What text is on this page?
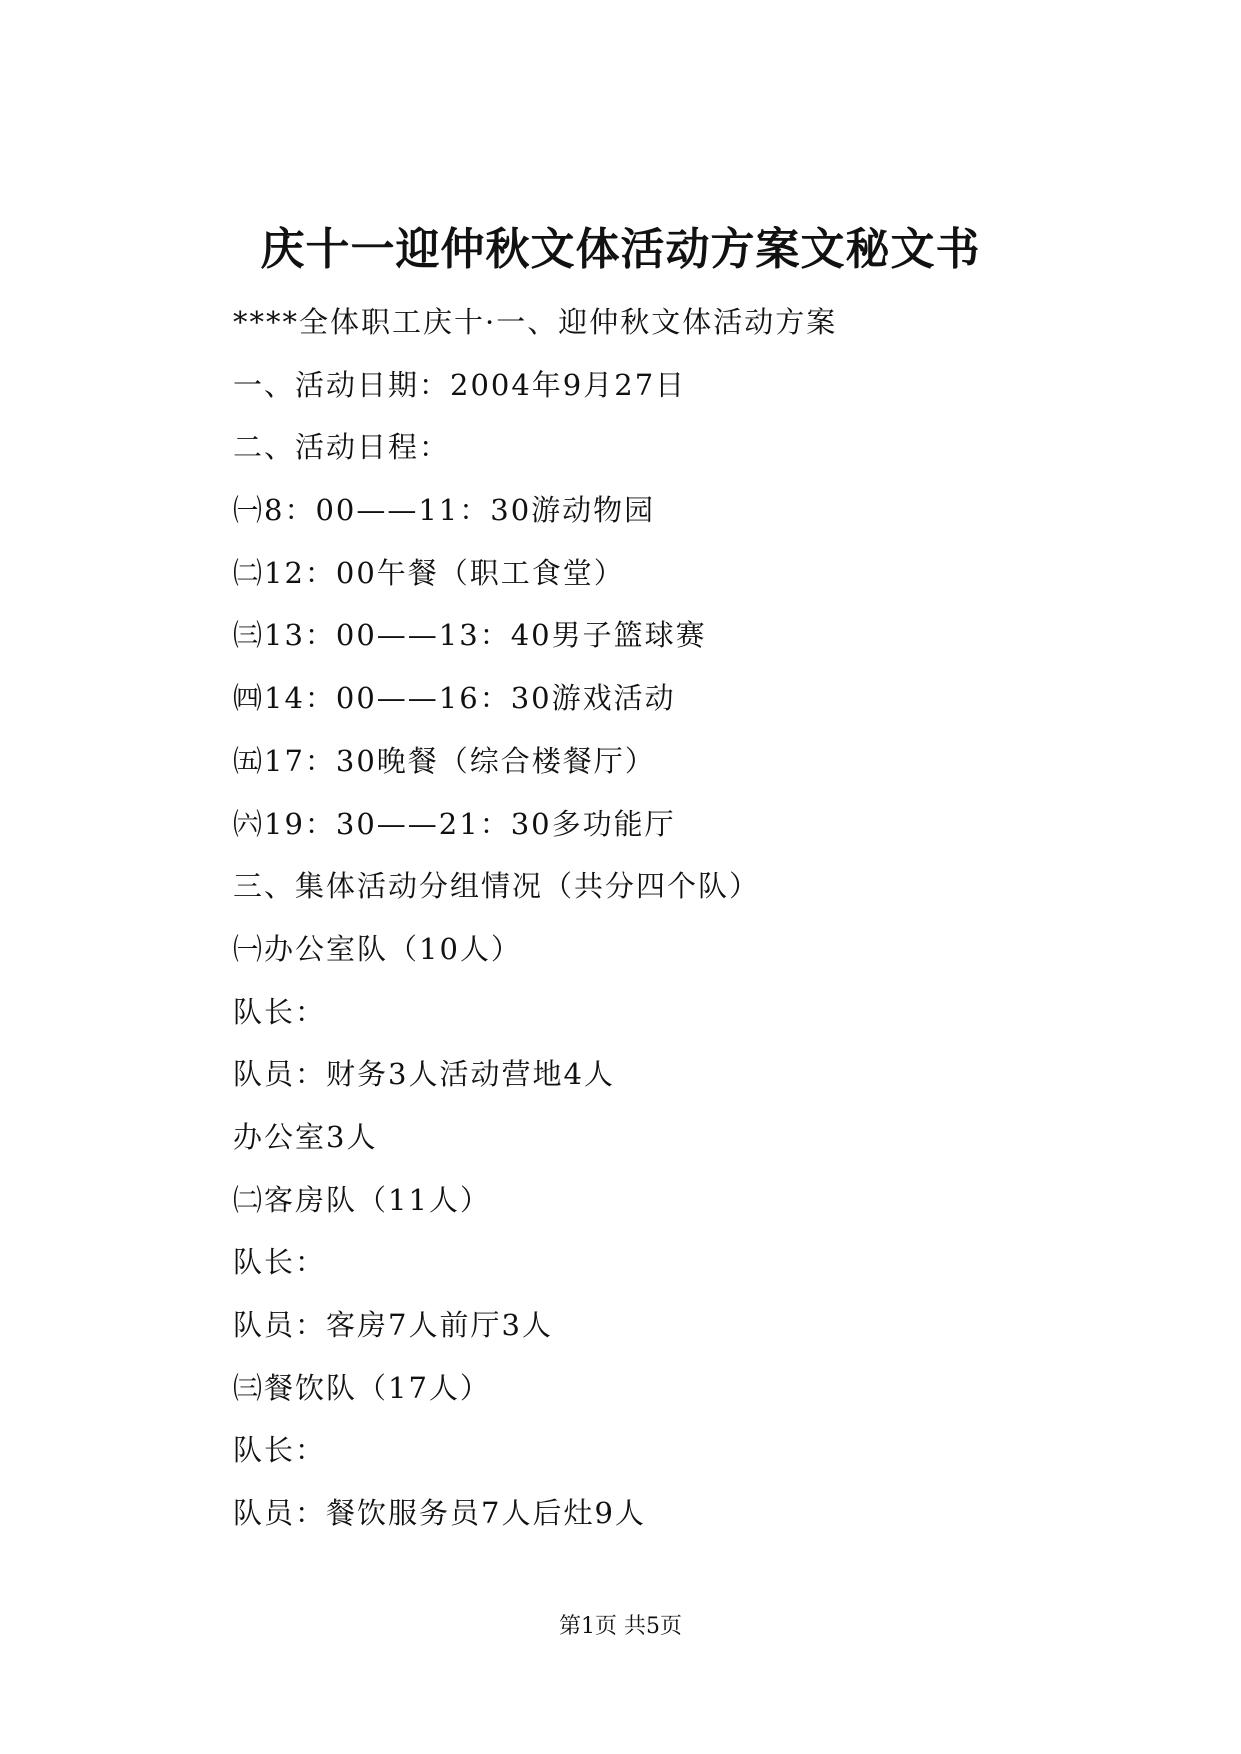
庆十一迎仲秋文体活动方案文秘文书
****全体职工庆十·一、迎仲秋文体活动方案
一、活动日期：2004年9月27日
二、活动日程：
㈠8：00——11：30游动物园
㈡12：00午餐（职工食堂）
㈢13：00——13：40男子篮球赛
㈣14：00——16：30游戏活动
㈤17：30晚餐（综合楼餐厅）
㈥19：30——21：30多功能厅
三、集体活动分组情况（共分四个队）
㈠办公室队（10人）
队长：
队员：财务3人活动营地4人
办公室3人
㈡客房队（11人）
队长：
队员：客房7人前厅3人
㈢餐饮队（17人）
队长：
队员：餐饮服务员7人后灶9人
第1页 共5页
